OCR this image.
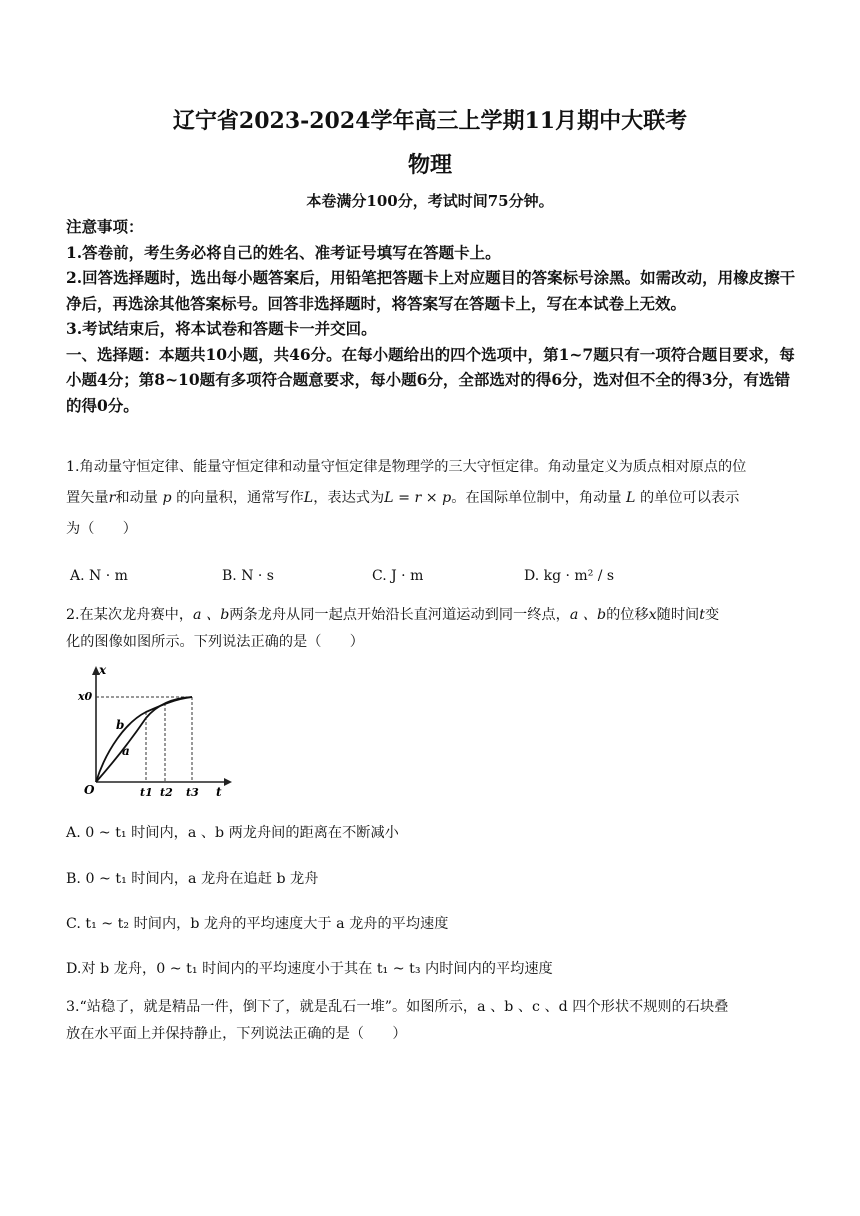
辽宁省2023-2024学年高三上学期11月期中大联考
物理
本卷满分100分，考试时间75分钟。

注意事项：

1.答卷前，考生务必将自己的姓名、准考证号填写在答题卡上。

2.回答选择题时，选出每小题答案后，用铅笔把答题卡上对应题目的答案标号涂黑。如需改动，用橡皮擦干净后，再选涂其他答案标号。回答非选择题时，将答案写在答题卡上，写在本试卷上无效。

3.考试结束后，将本试卷和答题卡一并交回。

一、选择题：本题共10小题，共46分。在每小题给出的四个选项中，第1~7题只有一项符合题目要求，每小题4分；第8~10题有多项符合题意要求，每小题6分，全部选对的得6分，选对但不全的得3分，有选错的得0分。

1.角动量守恒定律、能量守恒定律和动量守恒定律是物理学的三大守恒定律。角动量定义为质点相对原点的位

置矢量r和动量 p 的向量积，通常写作L，表达式为L = r × p。在国际单位制中，角动量 L 的单位可以表示

为（　　）

A. N · m	B. N · s	C. J · m	D. kg · m² / s
2.在某次龙舟赛中，a 、b两条龙舟从同一起点开始沿长直河道运动到同一终点，a 、b的位移x随时间t变
化的图像如图所示。下列说法正确的是（　　）
x
x0
b
a
O	t1 t2 t3 t
A. 0 ~ t₁ 时间内，a 、b 两龙舟间的距离在不断减小
B. 0 ~ t₁ 时间内，a 龙舟在追赶 b 龙舟
C. t₁ ~ t₂ 时间内，b 龙舟的平均速度大于 a 龙舟的平均速度
D.对 b 龙舟，0 ~ t₁ 时间内的平均速度小于其在 t₁ ~ t₃ 内时间内的平均速度
3.“站稳了，就是精品一件，倒下了，就是乱石一堆”。如图所示，a 、b 、c 、d 四个形状不规则的石块叠
放在水平面上并保持静止，下列说法正确的是（　　）
